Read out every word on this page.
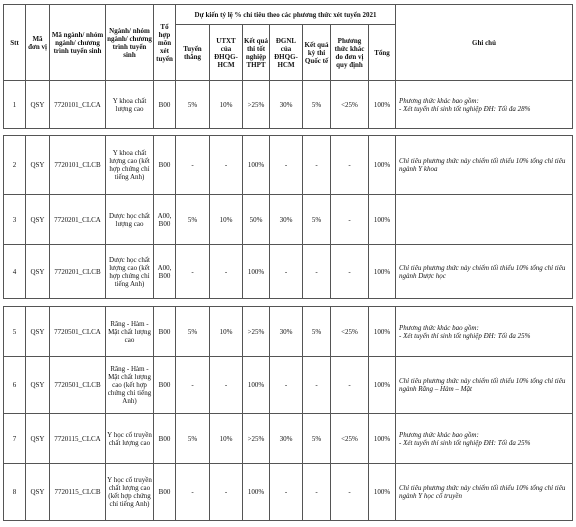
Stt	Mã đơn vị	Mã ngành/ nhóm ngành/ chương trình tuyển sinh	Ngành/ nhóm ngành/ chương trình tuyển sinh	Tổ hợp môn xét tuyển	Dự kiến tỷ lệ % chỉ tiêu theo các phương thức xét tuyển 2021							Ghi chú
					Tuyển thẳng	UTXT của ĐHQG-HCM	Kết quả thi tốt nghiệp THPT	ĐGNL của ĐHQG-HCM	Kết quả kỳ thi Quốc tế	Phương thức khác do đơn vị quy định	Tổng	
1	QSY	7720101_CLCA	Y khoa chất lượng cao	B00	5%	10%	>25%	30%	5%	<25%	100%	Phương thức khác bao gồm:
- Xét tuyển thí sinh tốt nghiệp ĐH: Tối đa 28%
2	QSY	7720101_CLCB	Y khoa chất lượng cao (kết hợp chứng chỉ tiếng Anh)	B00	-	-	100%	-	-	-	100%	Chỉ tiêu phương thức này chiếm tối thiểu 10% tổng chỉ tiêu ngành Y khoa

3	QSY	7720201_CLCA	Dược học chất lượng cao	A00, B00	5%	10%	50%	30%	5%	-	100%	
4	QSY	7720201_CLCB	Dược học chất lượng cao (kết hợp chứng chỉ tiếng Anh)	A00, B00	-	-	100%	-	-	-	100%	Chỉ tiêu phương thức này chiếm tối thiểu 10% tổng chỉ tiêu ngành Dược học
5	QSY	7720501_CLCA	Răng - Hàm - Mặt chất lượng cao	B00	5%	10%	>25%	30%	5%	<25%	100%	Phương thức khác bao gồm:
- Xét tuyển thí sinh tốt nghiệp ĐH: Tối đa 25%

6	QSY	7720501_CLCB	Răng - Hàm - Mặt chất lượng cao (kết hợp chứng chỉ tiếng Anh)	B00	-	-	100%	-	-	-	100%	Chỉ tiêu phương thức này chiếm tối thiểu 10% tổng chỉ tiêu ngành Răng – Hàm – Mặt

7	QSY	7720115_CLCA	Y học cổ truyền chất lượng cao	B00	5%	10%	>25%	30%	5%	<25%	100%	Phương thức khác bao gồm:
- Xét tuyển thí sinh tốt nghiệp ĐH: Tối đa 25%

8	QSY	7720115_CLCB	Y học cổ truyền chất lượng cao (kết hợp chứng chỉ tiếng Anh)	B00	-	-	100%	-	-	-	100%	Chỉ tiêu phương thức này chiếm tối thiểu 10% tổng chỉ tiêu ngành Y học cổ truyền
